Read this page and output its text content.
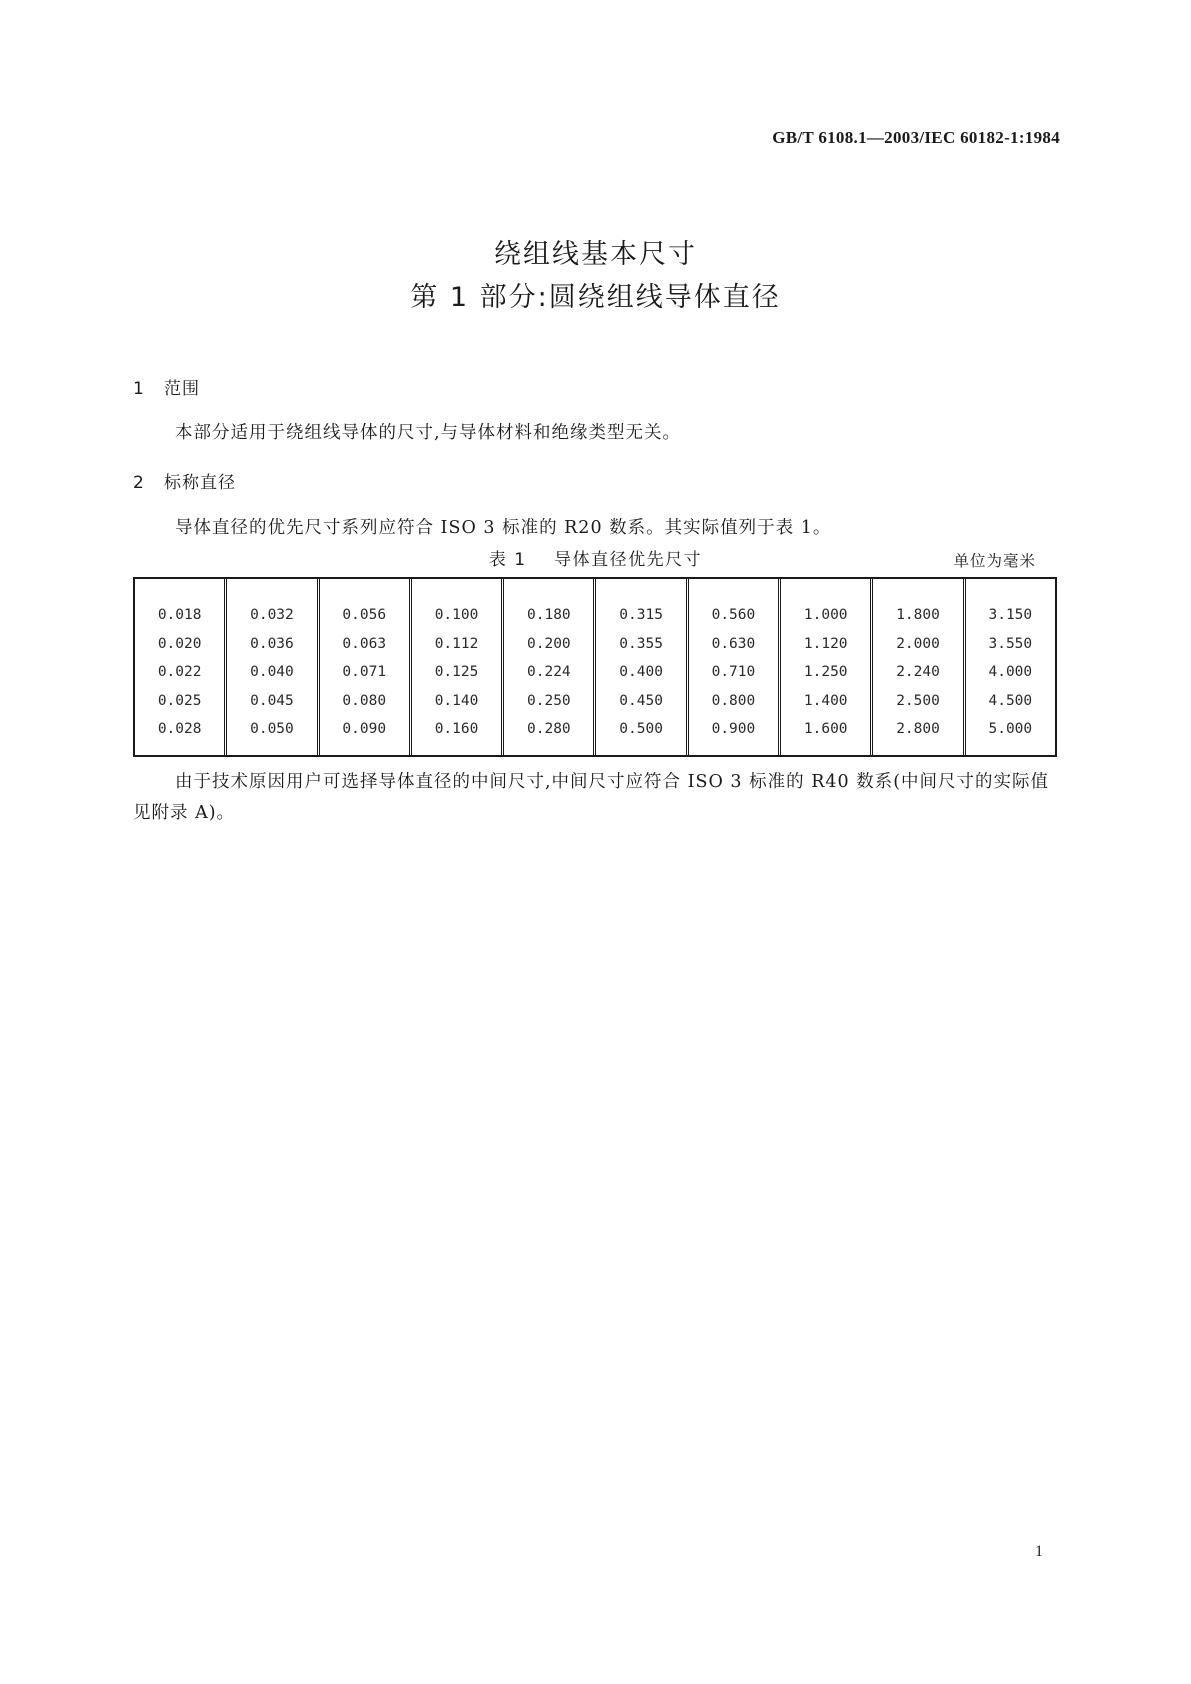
GB/T 6108.1—2003/IEC 60182-1:1984
绕组线基本尺寸
第 1 部分:圆绕组线导体直径
1 范围
本部分适用于绕组线导体的尺寸,与导体材料和绝缘类型无关。
2 标称直径
导体直径的优先尺寸系列应符合 ISO 3 标准的 R20 数系。其实际值列于表 1。
表 1    导体直径优先尺寸	单位为毫米
0.018
0.020
0.022
0.025
0.028
0.032
0.036
0.040
0.045
0.050
0.056
0.063
0.071
0.080
0.090
0.100
0.112
0.125
0.140
0.160
0.180
0.200
0.224
0.250
0.280
0.315
0.355
0.400
0.450
0.500
0.560
0.630
0.710
0.800
0.900
1.000
1.120
1.250
1.400
1.600
1.800
2.000
2.240
2.500
2.800
3.150
3.550
4.000
4.500
5.000
由于技术原因用户可选择导体直径的中间尺寸,中间尺寸应符合 ISO 3 标准的 R40 数系(中间尺寸的实际值见附录 A)。
1
